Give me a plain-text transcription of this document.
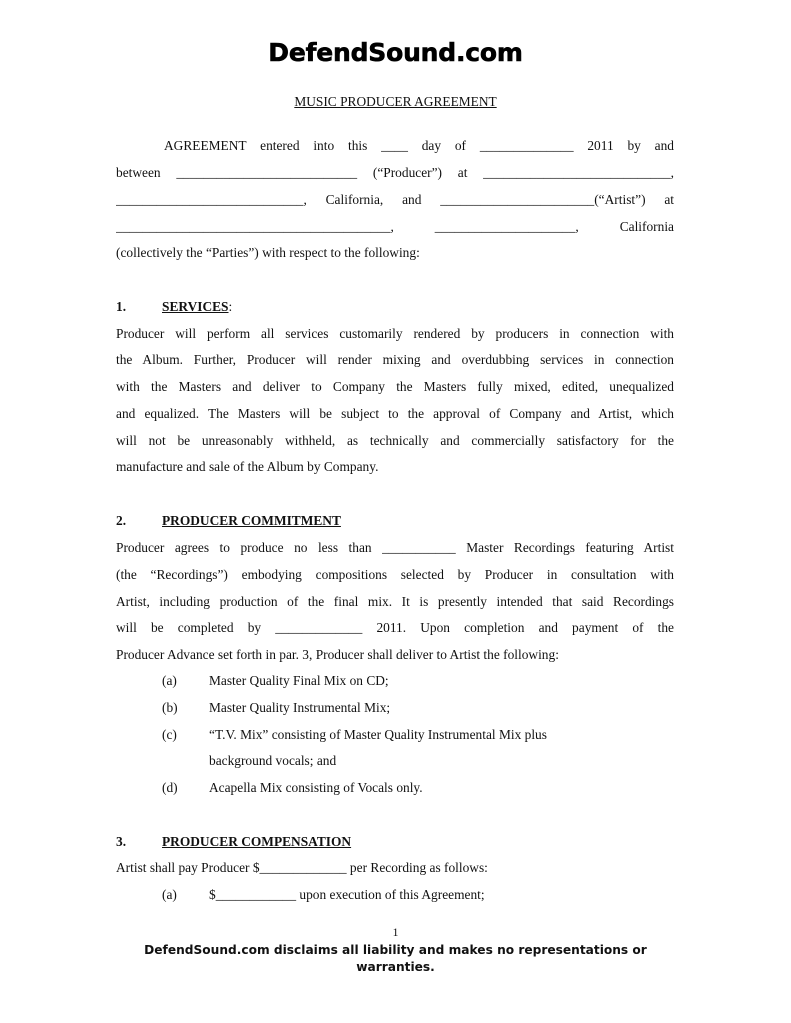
DefendSound.com
MUSIC PRODUCER AGREEMENT
AGREEMENT entered into this ____ day of ______________ 2011 by and
between ___________________________ (“Producer”) at ____________________________,
____________________________, California, and _______________________(“Artist”) at
_________________________________________, _____________________, California
(collectively the “Parties”) with respect to the following:
1.	SERVICES:
Producer will perform all services customarily rendered by producers in connection with
the Album. Further, Producer will render mixing and overdubbing services in connection
with the Masters and deliver to Company the Masters fully mixed, edited, unequalized
and equalized. The Masters will be subject to the approval of Company and Artist, which
will not be unreasonably withheld, as technically and commercially satisfactory for the
manufacture and sale of the Album by Company.
2.	PRODUCER COMMITMENT
Producer agrees to produce no less than ___________ Master Recordings featuring Artist
(the “Recordings”) embodying compositions selected by Producer in consultation with
Artist, including production of the final mix. It is presently intended that said Recordings
will be completed by _____________ 2011. Upon completion and payment of the
Producer Advance set forth in par. 3, Producer shall deliver to Artist the following:
(a) Master Quality Final Mix on CD;
(b) Master Quality Instrumental Mix;
(c) “T.V. Mix” consisting of Master Quality Instrumental Mix plus
background vocals; and
(d) Acapella Mix consisting of Vocals only.
3.	PRODUCER COMPENSATION
Artist shall pay Producer $_____________ per Recording as follows:
(a) $____________ upon execution of this Agreement;
1
DefendSound.com disclaims all liability and makes no representations or warranties.
